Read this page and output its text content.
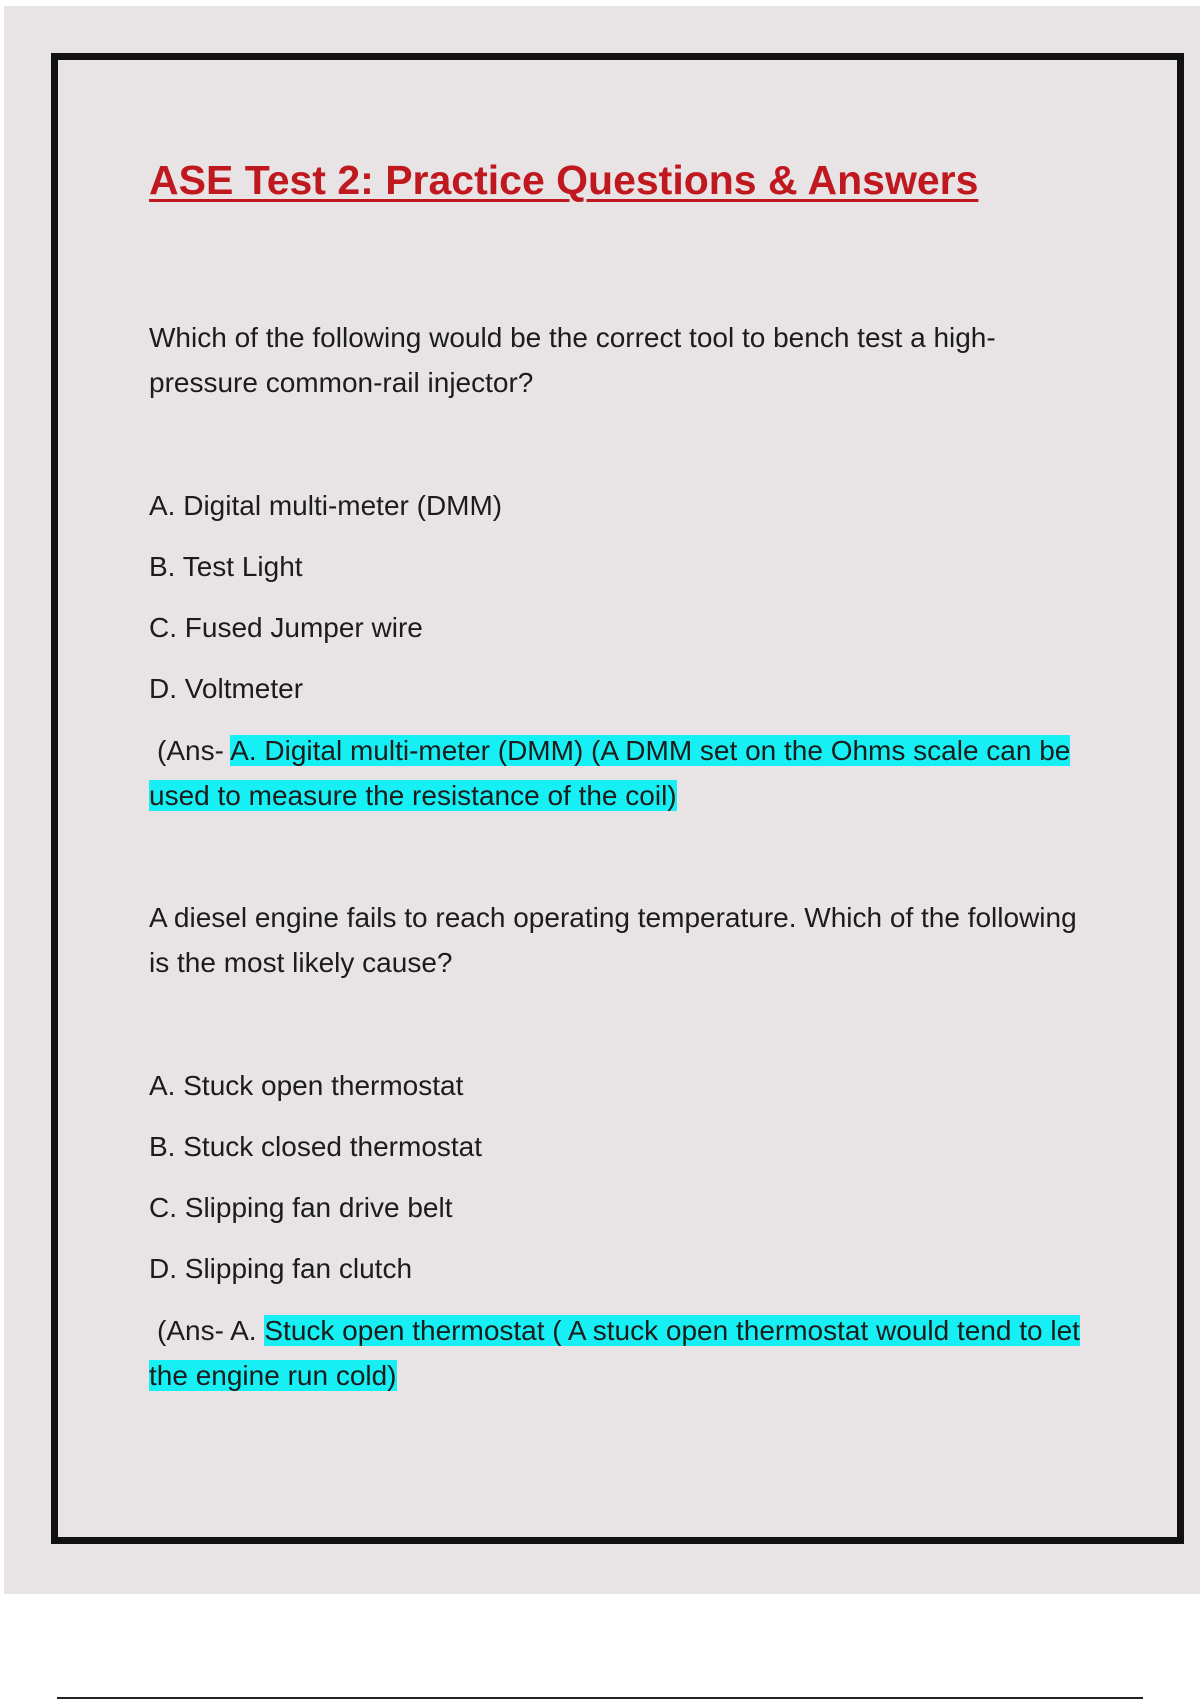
ASE Test 2: Practice Questions & Answers

Which of the following would be the correct tool to bench test a high-pressure common-rail injector?

A. Digital multi-meter (DMM)

B. Test Light

C. Fused Jumper wire

D. Voltmeter

(Ans- A. Digital multi-meter (DMM) (A DMM set on the Ohms scale can be used to measure the resistance of the coil)

A diesel engine fails to reach operating temperature. Which of the following is the most likely cause?

A. Stuck open thermostat

B. Stuck closed thermostat

C. Slipping fan drive belt

D. Slipping fan clutch

(Ans- A. Stuck open thermostat ( A stuck open thermostat would tend to let the engine run cold)
